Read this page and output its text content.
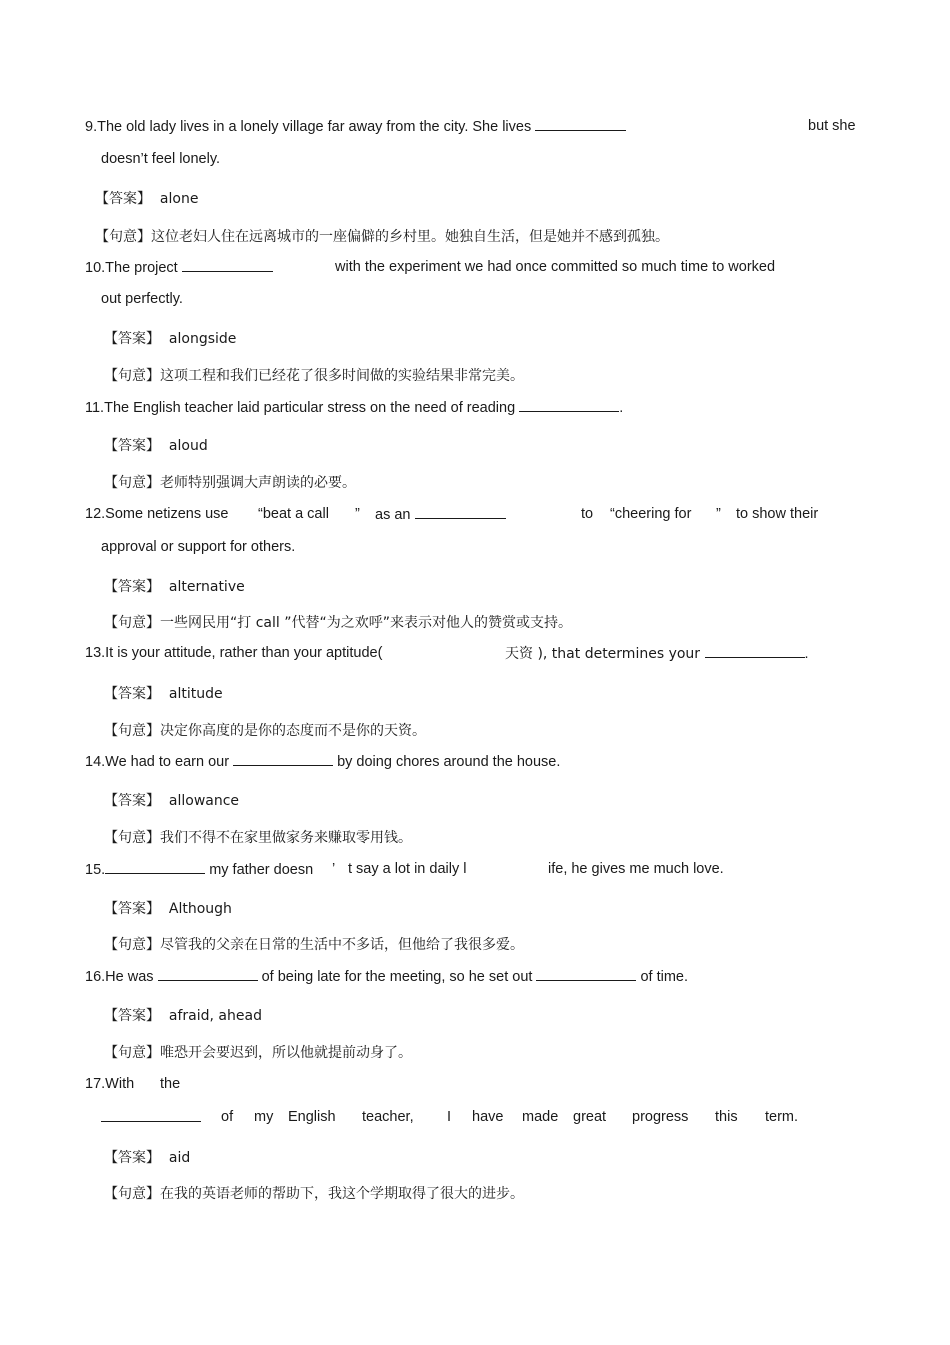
9.The old lady lives in a lonely village far away from the city. She lives	but she
doesn’t feel lonely.
【答案】 alone
【句意】这位老妇人住在远离城市的一座偏僻的乡村里。她独自生活，但是她并不感到孤独。
10.The project	with the experiment we had once committed so much time to worked
out perfectly.
【答案】 alongside
【句意】这项工程和我们已经花了很多时间做的实验结果非常完美。
11.The English teacher laid particular stress on the need of reading	.
【答案】 aloud
【句意】老师特别强调大声朗读的必要。
12.Some netizens use “beat a call ” as an	to “cheering for ” to show their
approval or support for others.
【答案】 alternative
【句意】一些网民用“打 call ”代替“为之欢呼”来表示对他人的赞赏或支持。
13.It is your attitude, rather than your aptitude(	天资 ), that determines your	.
【答案】 altitude
【句意】决定你高度的是你的态度而不是你的天资。
14.We had to earn our	by doing chores around the house.
【答案】 allowance
【句意】我们不得不在家里做家务来赚取零用钱。
15.	my father doesn ’ t say a lot in daily l	ife, he gives me much love.
【答案】 Although
【句意】尽管我的父亲在日常的生活中不多话，但他给了我很多爱。
16.He was	of being late for the meeting, so he set out	of time.
【答案】 afraid, ahead
【句意】唯恐开会要迟到，所以他就提前动身了。
17.With the
of my English teacher, I have made great progress this term.
【答案】 aid
【句意】在我的英语老师的帮助下，我这个学期取得了很大的进步。
